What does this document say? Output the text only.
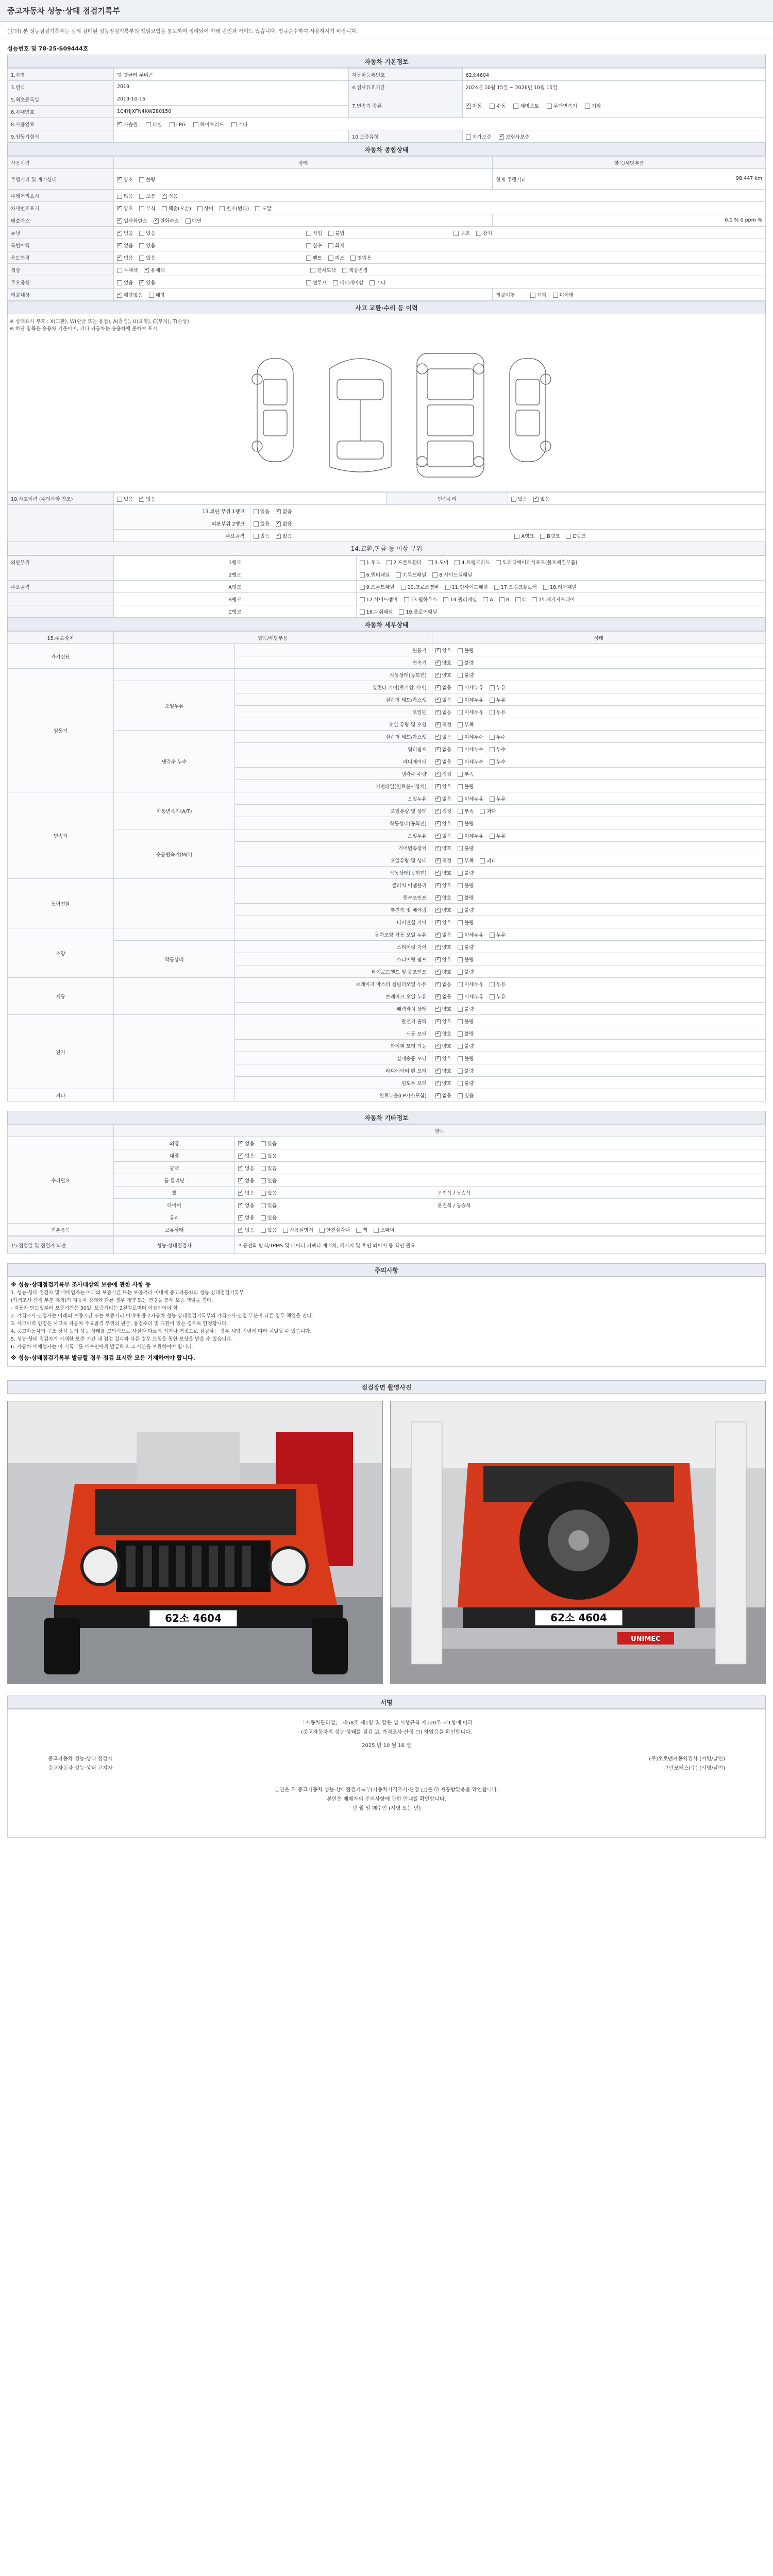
중고자동차 성능·상태 점검기록부
(主의) 본 성능점검기록부는 실제 감매된 성능점검기록부의 책임보험을 통보하여 정리되어 아래 원인과 가이드 있습니다. 법규준수하여 사용하시기 바랍니다.
성능번호 및 78-25-S09444호
자동차 기본정보
1.차명	랭 랭글러 루비콘	자동차등록번호	62소4604
3.연식	2019	4.검사유효기간	2024년 10월 15일 ~ 2026년 10월 15일
5.최초등록일	2019-10-16	7.변속기 종류	✓자동 수동 세미오토 무단변속기 기타
6.차대번호	1C4HJXFN4KW280150		
8.사용연료	✓가솔린 디젤 LPG 하이브리드 기타
9.원동기형식		10.보증유형	자가보증 ✓ 보험사보증
자동차 종합상태
사용이력	상태	항목/해당부품
주행거리 및 계기상태	✓양호 불량	현재 주행거리 98,447 km

주행거리표시	많음 보통 ✓ 적음
차대번호표기	✓양호 부식 훼손(오손) 상이 변조(변타) 도말
배출가스	✓일산화탄소 ✓ 탄화수소 매연	0.0 % 0 ppm %
튜닝	✓없음 있음 적법 불법 구조 장치
특별이력	✓없음 있음 침수 화재
용도변경	✓없음 있음 렌트 리스 영업용
색상	무채색 ✓ 유채색 전체도색 색상변경
주요옵션	없음 ✓ 있음 썬루프 네비게이션 기타
리콜대상	✓해당없음 해당	리콜이행 이행 미이행
사고 교환·수리 등 이력
※ 상태표시 부호 : X(교환), W(판금 또는 용접), A(흠집), U(요철), C(부식), T(손상)
※ 하단 항목은 승용차 기준이며, 기타 자동차는 승용차에 준하여 표시
10.사고이력 (주의사항 참조)	있음 ✓ 없음		단순수리	있음 ✓ 없음
	13.외판 부위 1랭크	있음 ✓ 없음
	외판부위 2랭크	있음 ✓ 없음
	주요골격	있음 ✓ 없음 A랭크 B랭크 C랭크
14.교환,판금 등 이상 부위
외판부위	1랭크	1.후드 2.프론트휀더 3.도어 4.트렁크리드 5.라디에이터서포트(볼트체결부품)
	2랭크	6.쿼터패널 7.루프패널 8.사이드실패널
주요골격	A랭크	9.프론트패널 10.크로스멤버 11.인사이드패널 17.트렁크플로어 18.리어패널
	B랭크	12.사이드멤버 13.휠하우스 14.필러패널 A B C 15.패키지트레이
	C랭크	16.대쉬패널 19.플로어패널
자동차 세부상태
15.주요장치	항목/해당부품		상태
자기진단		원동기	✓양호 불량
		변속기	✓양호 불량
원동기		작동상태(공회전)	✓양호 불량
	오일누유	실린더 커버(로커암 커버)	✓없음 미세누유 누유
		실린더 헤드/가스켓	✓없음 미세누유 누유
		오일팬	✓없음 미세누유 누유
		오일 유량 및 오염	✓적정 부족
	냉각수 누수	실린더 헤드/가스켓	✓없음 미세누수 누수
		워터펌프	✓없음 미세누수 누수
		라디에이터	✓없음 미세누수 누수
		냉각수 수량	✓적정 부족
		커먼레일(연료분사장치)	✓양호 불량
변속기	자동변속기(A/T)	오일누유	✓없음 미세누유 누유
		오일유량 및 상태	✓적정 부족 과다
		작동상태(공회전)	✓양호 불량
	수동변속기(M/T)	오일누유	✓없음 미세누유 누유
		기어변속장치	✓양호 불량
		오일유량 및 상태	✓적정 부족 과다
		작동상태(공회전)	✓양호 불량
동력전달		클러치 어셈블리	✓양호 불량
		등속조인트	✓양호 불량
		추진축 및 베어링	✓양호 불량
		디퍼렌셜 기어	✓양호 불량
조향		동력조향 작동 오일 누유	✓없음 미세누유 누유
	작동상태	스티어링 기어	✓양호 불량
		스티어링 펌프	✓양호 불량
		타이로드엔드 및 볼조인트	✓양호 불량
제동		브레이크 마스터 실린더오일 누유	✓없음 미세누유 누유
		브레이크 오일 누유	✓없음 미세누유 누유
		배력장치 상태	✓양호 불량
전기		발전기 출력	✓양호 불량
		시동 모터	✓양호 불량
		와이퍼 모터 기능	✓양호 불량
		실내송풍 모터	✓양호 불량
		라디에이터 팬 모터	✓양호 불량
		윈도우 모터	✓양호 불량
기타		연료누출(LP가스포함)	✓없음 있음
자동차 기타정보
	항목	
수리필요	외장	✓없음 있음
	내장	✓없음 있음
	광택	✓없음 있음
	룸 클리닝	✓없음 있음
	휠	✓없음 있음 운전석 / 동승석
	타이어	✓없음 있음 운전석 / 동승석
	유리	✓없음 있음
기본품목	보유상태	✓없음 있음 사용설명서 안전삼각대 잭 스패너
15.점검일 및 점검자 의견	성능·상태점검자	이동전화 방식/TPMS 및 데이터 커넥터 재배치, 패키지 및 후면 와이어 등 확인 필요
주의사항
※ 성능·상태점검기록부 조사대상의 보증에 관한 사항 등
1. 성능·상태 점검자 및 매매업자는 아래의 보증기간 또는 보증거리 이내에 중고자동차의 성능·상태점검기록부
(가격조사·산정 부분 제외)가 자동차 상태와 다른 경우 계약 또는 변경을 통해 보증 책임을 진다.
- 자동차 인도일부터 보증기간은 30일, 보증거리는 2천킬로미터 이상이어야 함
2. 가격조사·산정자는 아래의 보증기간 또는 보증거리 이내에 중고자동차 성능·상태점검기록부의 가격조사·산정 부분이 다른 경우 책임을 진다.
3. 사고이력 인정은 사고로 자동차 주요골격 부위의 판금, 용접수리 및 교환이 있는 경우로 한정합니다.
4. 중고자동차의 구조·장치 등의 성능·상태를 고의적으로 사실과 다르게 적거나 거짓으로 점검하는 경우 해당 법령에 따라 처벌될 수 있습니다.
5. 성능·상태 점검자가 기재한 보증 기간 내 점검 결과와 다른 경우 보험을 통한 보상을 받을 수 있습니다.
6. 자동차 매매업자는 이 기록부를 매수인에게 발급하고 그 사본을 보관하여야 합니다.
※ 성능·상태점검기록부 발급할 경우 점검 표시란 모든 기재하여야 합니다.
점검장면 촬영사진
62소 4604	62소 4604
UNIMEC
서명
「자동차관리법」 제58조 제1항 및 같은 법 시행규칙 제120조 제1항에 따라
(중고자동차의 성능·상태를 점검 ☑, 가격조사·산정 □) 하였음을 확인합니다.
2025 년 10 월 16 일
중고자동차 성능·상태 점검자	(주)오토맨자동차검사 (서명/날인)
중고자동차 성능·상태 고지자	그린모터스(주) (서명/날인)
본인은 위 중고자동차 성능·상태점검기록부(자동차가격조사·산정 □)를 ☑ 제공받았음을 확인합니다.
본인은 매매자의 주의사항에 관한 안내를 확인합니다.
년 월 일 매수인 (서명 또는 인)
